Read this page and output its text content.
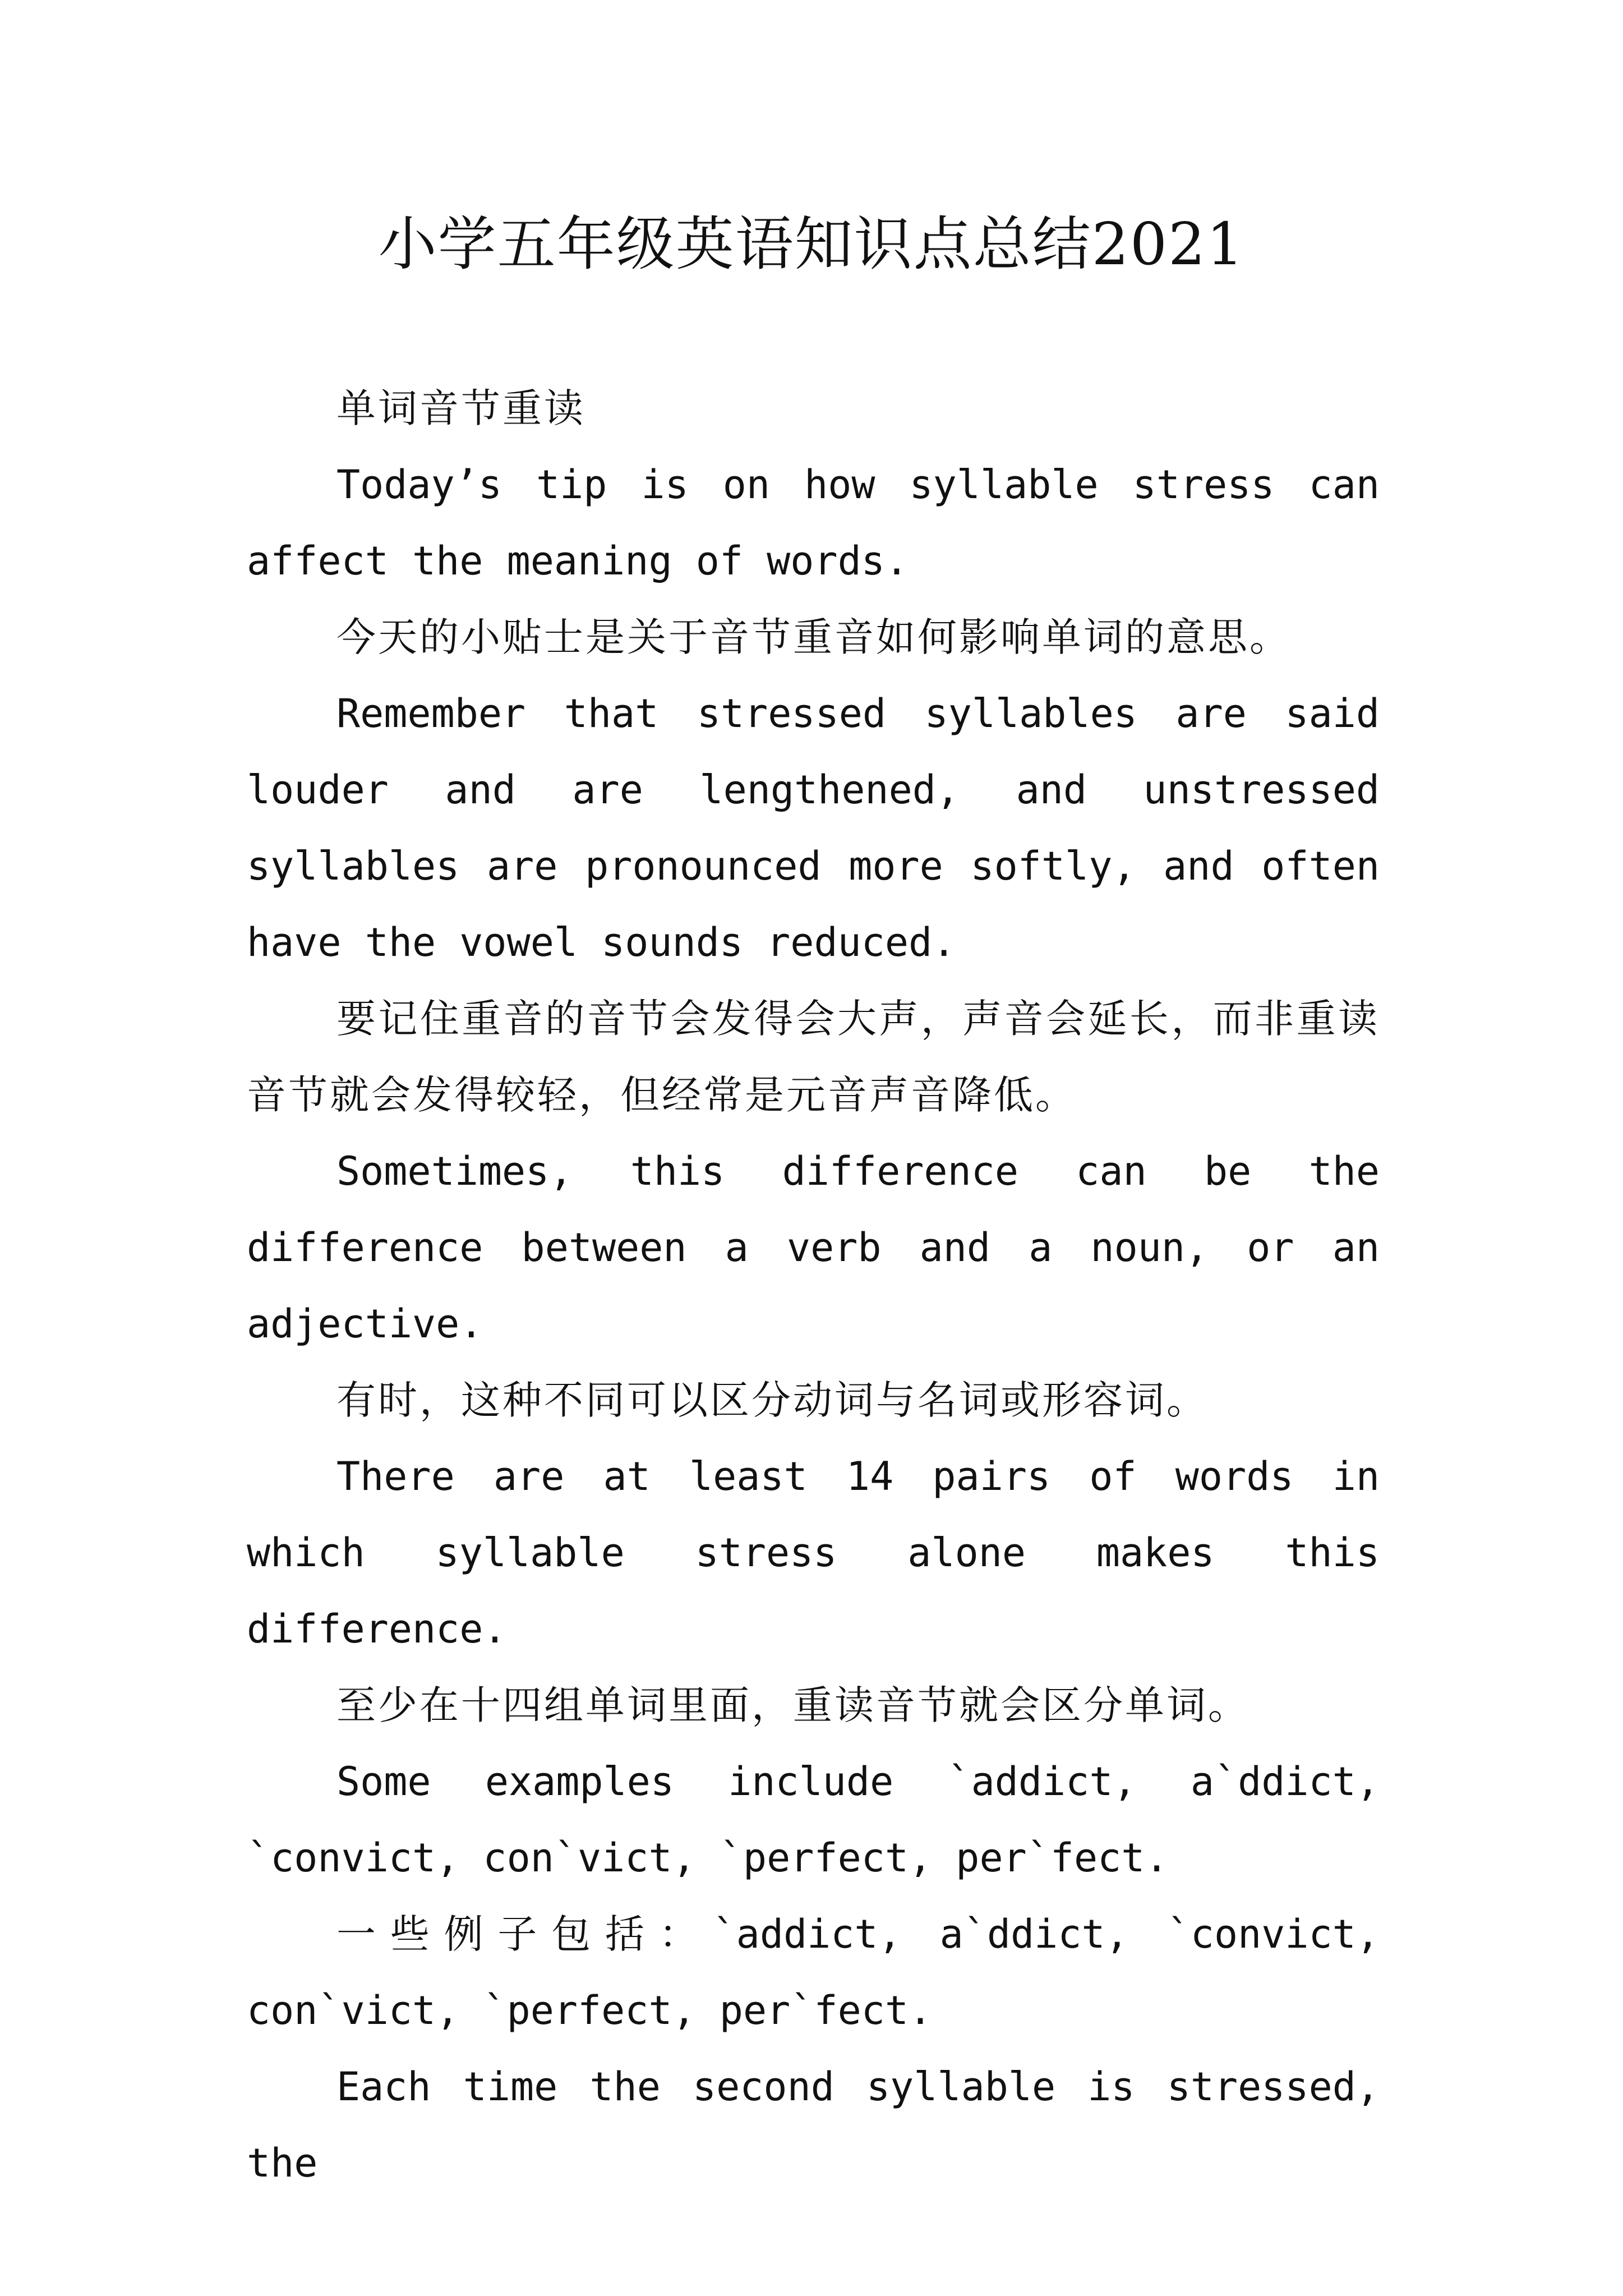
小学五年级英语知识点总结2021

单词音节重读

Today’s tip is on how syllable stress can affect the meaning of words.

今天的小贴士是关于音节重音如何影响单词的意思。

Remember that stressed syllables are said louder and are lengthened, and unstressed syllables are pronounced more softly, and often have the vowel sounds reduced.

要记住重音的音节会发得会大声，声音会延长，而非重读音节就会发得较轻，但经常是元音声音降低。

Sometimes, this difference can be the difference between a verb and a noun, or an adjective.

有时，这种不同可以区分动词与名词或形容词。

There are at least 14 pairs of words in which syllable stress alone makes this difference.

至少在十四组单词里面，重读音节就会区分单词。

Some examples include `addict, a`ddict, `convict, con`vict, `perfect, per`fect.

一些例子包括：`addict, a`ddict, `convict, con`vict, `perfect, per`fect.

Each time the second syllable is stressed, the
